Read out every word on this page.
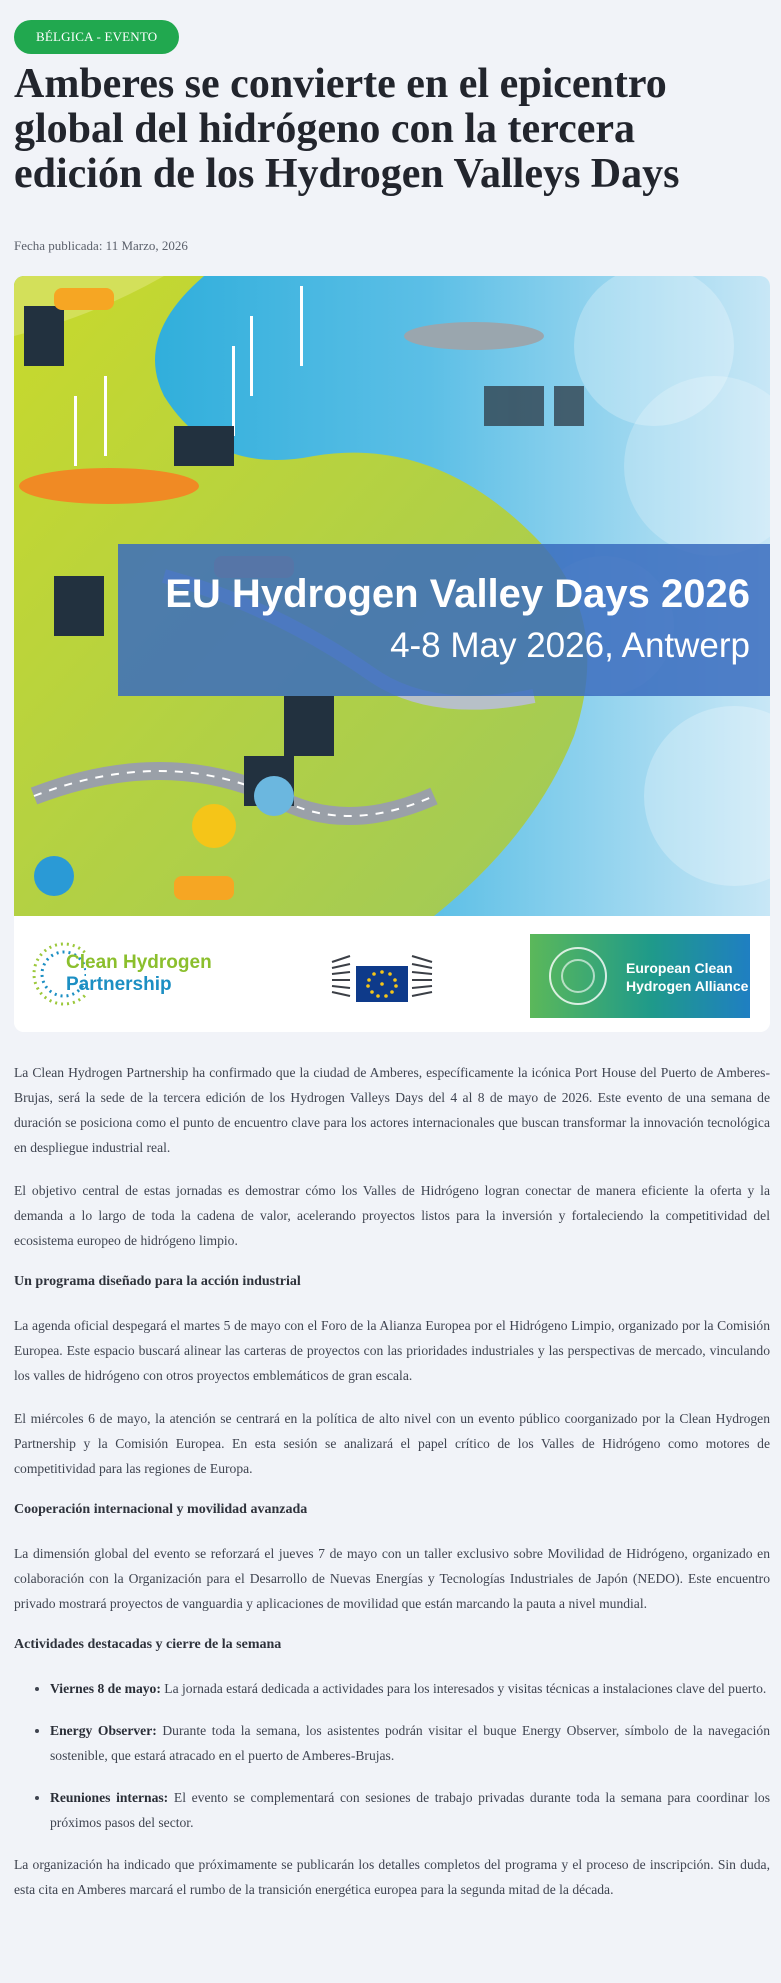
BÉLGICA - EVENTO
Amberes se convierte en el epicentro global del hidrógeno con la tercera edición de los Hydrogen Valleys Days
Fecha publicada: 11 Marzo, 2026
EU Hydrogen Valley Days 2026
4-8 May 2026, Antwerp
Clean Hydrogen
Partnership
European Clean
Hydrogen Alliance

La Clean Hydrogen Partnership ha confirmado que la ciudad de Amberes, específicamente la icónica Port House del Puerto de Amberes-Brujas, será la sede de la tercera edición de los Hydrogen Valleys Days del 4 al 8 de mayo de 2026. Este evento de una semana de duración se posiciona como el punto de encuentro clave para los actores internacionales que buscan transformar la innovación tecnológica en despliegue industrial real.

El objetivo central de estas jornadas es demostrar cómo los Valles de Hidrógeno logran conectar de manera eficiente la oferta y la demanda a lo largo de toda la cadena de valor, acelerando proyectos listos para la inversión y fortaleciendo la competitividad del ecosistema europeo de hidrógeno limpio.

Un programa diseñado para la acción industrial

La agenda oficial despegará el martes 5 de mayo con el Foro de la Alianza Europea por el Hidrógeno Limpio, organizado por la Comisión Europea. Este espacio buscará alinear las carteras de proyectos con las prioridades industriales y las perspectivas de mercado, vinculando los valles de hidrógeno con otros proyectos emblemáticos de gran escala.

El miércoles 6 de mayo, la atención se centrará en la política de alto nivel con un evento público coorganizado por la Clean Hydrogen Partnership y la Comisión Europea. En esta sesión se analizará el papel crítico de los Valles de Hidrógeno como motores de competitividad para las regiones de Europa.

Cooperación internacional y movilidad avanzada

La dimensión global del evento se reforzará el jueves 7 de mayo con un taller exclusivo sobre Movilidad de Hidrógeno, organizado en colaboración con la Organización para el Desarrollo de Nuevas Energías y Tecnologías Industriales de Japón (NEDO). Este encuentro privado mostrará proyectos de vanguardia y aplicaciones de movilidad que están marcando la pauta a nivel mundial.

Actividades destacadas y cierre de la semana
• Viernes 8 de mayo: La jornada estará dedicada a actividades para los interesados y visitas técnicas a instalaciones clave del puerto.
• Energy Observer: Durante toda la semana, los asistentes podrán visitar el buque Energy Observer, símbolo de la navegación sostenible, que estará atracado en el puerto de Amberes-Brujas.
• Reuniones internas: El evento se complementará con sesiones de trabajo privadas durante toda la semana para coordinar los próximos pasos del sector.

La organización ha indicado que próximamente se publicarán los detalles completos del programa y el proceso de inscripción. Sin duda, esta cita en Amberes marcará el rumbo de la transición energética europea para la segunda mitad de la década.
